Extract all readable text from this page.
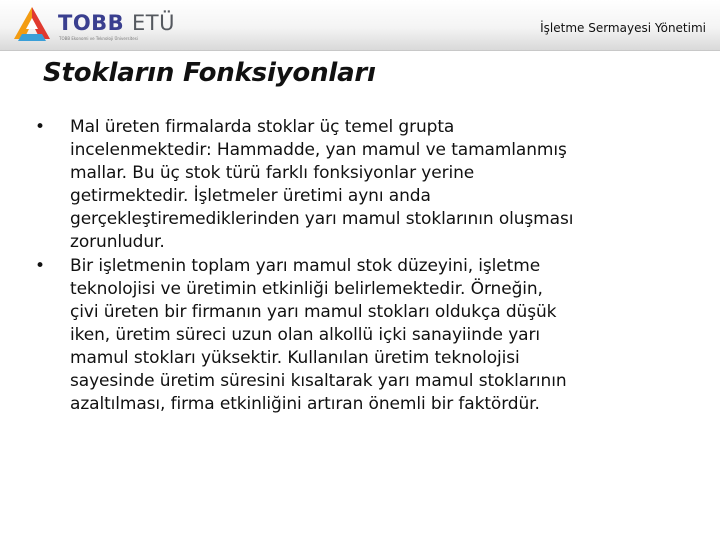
TOBB ETÜ
TOBB Ekonomi ve Teknoloji Üniversitesi
İşletme Sermayesi Yönetimi
Stokların Fonksiyonları
• Mal üreten firmalarda stoklar üç temel grupta
incelenmektedir: Hammadde, yan mamul ve tamamlanmış
mallar. Bu üç stok türü farklı fonksiyonlar yerine
getirmektedir. İşletmeler üretimi aynı anda
gerçekleştiremediklerinden yarı mamul stoklarının oluşması
zorunludur.
• Bir işletmenin toplam yarı mamul stok düzeyini, işletme
teknolojisi ve üretimin etkinliği belirlemektedir. Örneğin,
çivi üreten bir firmanın yarı mamul stokları oldukça düşük
iken, üretim süreci uzun olan alkollü içki sanayiinde yarı
mamul stokları yüksektir. Kullanılan üretim teknolojisi
sayesinde üretim süresini kısaltarak yarı mamul stoklarının
azaltılması, firma etkinliğini artıran önemli bir faktördür.
